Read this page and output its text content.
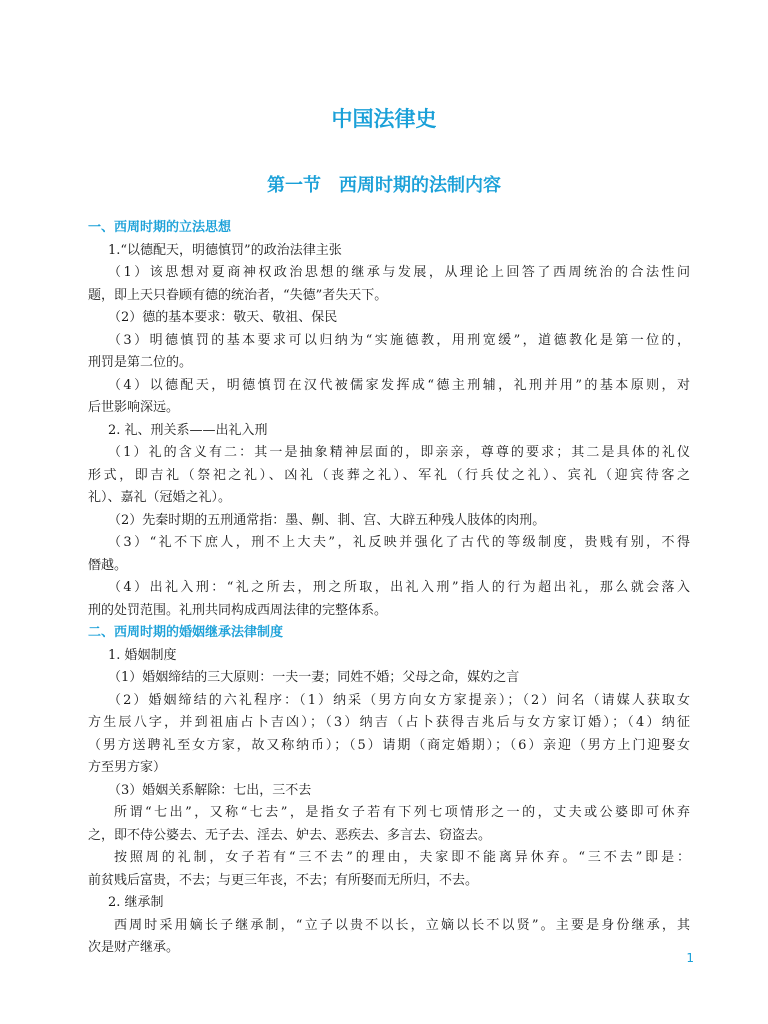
中国法律史
第一节　西周时期的法制内容
一、西周时期的立法思想
1.“以德配天，明德慎罚”的政治法律主张
（1）该思想对夏商神权政治思想的继承与发展，从理论上回答了西周统治的合法性问
题，即上天只眷顾有德的统治者，“失德”者失天下。
（2）德的基本要求：敬天、敬祖、保民
（3）明德慎罚的基本要求可以归纳为“实施德教，用刑宽缓”，道德教化是第一位的，
刑罚是第二位的。
（4）以德配天，明德慎罚在汉代被儒家发挥成“德主刑辅，礼刑并用”的基本原则，对
后世影响深远。
2. 礼、刑关系——出礼入刑
（1）礼的含义有二：其一是抽象精神层面的，即亲亲，尊尊的要求；其二是具体的礼仪
形式，即吉礼（祭祀之礼）、凶礼（丧葬之礼）、军礼（行兵仗之礼）、宾礼（迎宾待客之
礼）、嘉礼（冠婚之礼）。
（2）先秦时期的五刑通常指：墨、劓、剕、宫、大辟五种残人肢体的肉刑。
（3）“礼不下庶人，刑不上大夫”，礼反映并强化了古代的等级制度，贵贱有别，不得
僭越。
（4）出礼入刑：“礼之所去，刑之所取，出礼入刑”指人的行为超出礼，那么就会落入
刑的处罚范围。礼刑共同构成西周法律的完整体系。
二、西周时期的婚姻继承法律制度
1. 婚姻制度
（1）婚姻缔结的三大原则：一夫一妻；同姓不婚；父母之命，媒妁之言
（2）婚姻缔结的六礼程序：（1）纳采（男方向女方家提亲）；（2）问名（请媒人获取女
方生辰八字，并到祖庙占卜吉凶）；（3）纳吉（占卜获得吉兆后与女方家订婚）；（4）纳征
（男方送聘礼至女方家，故又称纳币）；（5）请期（商定婚期）；（6）亲迎（男方上门迎娶女
方至男方家）
（3）婚姻关系解除：七出，三不去
所谓“七出”，又称“七去”，是指女子若有下列七项情形之一的，丈夫或公婆即可休弃
之，即不侍公婆去、无子去、淫去、妒去、恶疾去、多言去、窃盗去。
按照周的礼制，女子若有“三不去”的理由，夫家即不能离异休弃。“三不去”即是：
前贫贱后富贵，不去；与更三年丧，不去；有所娶而无所归，不去。
2. 继承制
西周时采用嫡长子继承制，“立子以贵不以长，立嫡以长不以贤”。主要是身份继承，其
次是财产继承。
1
